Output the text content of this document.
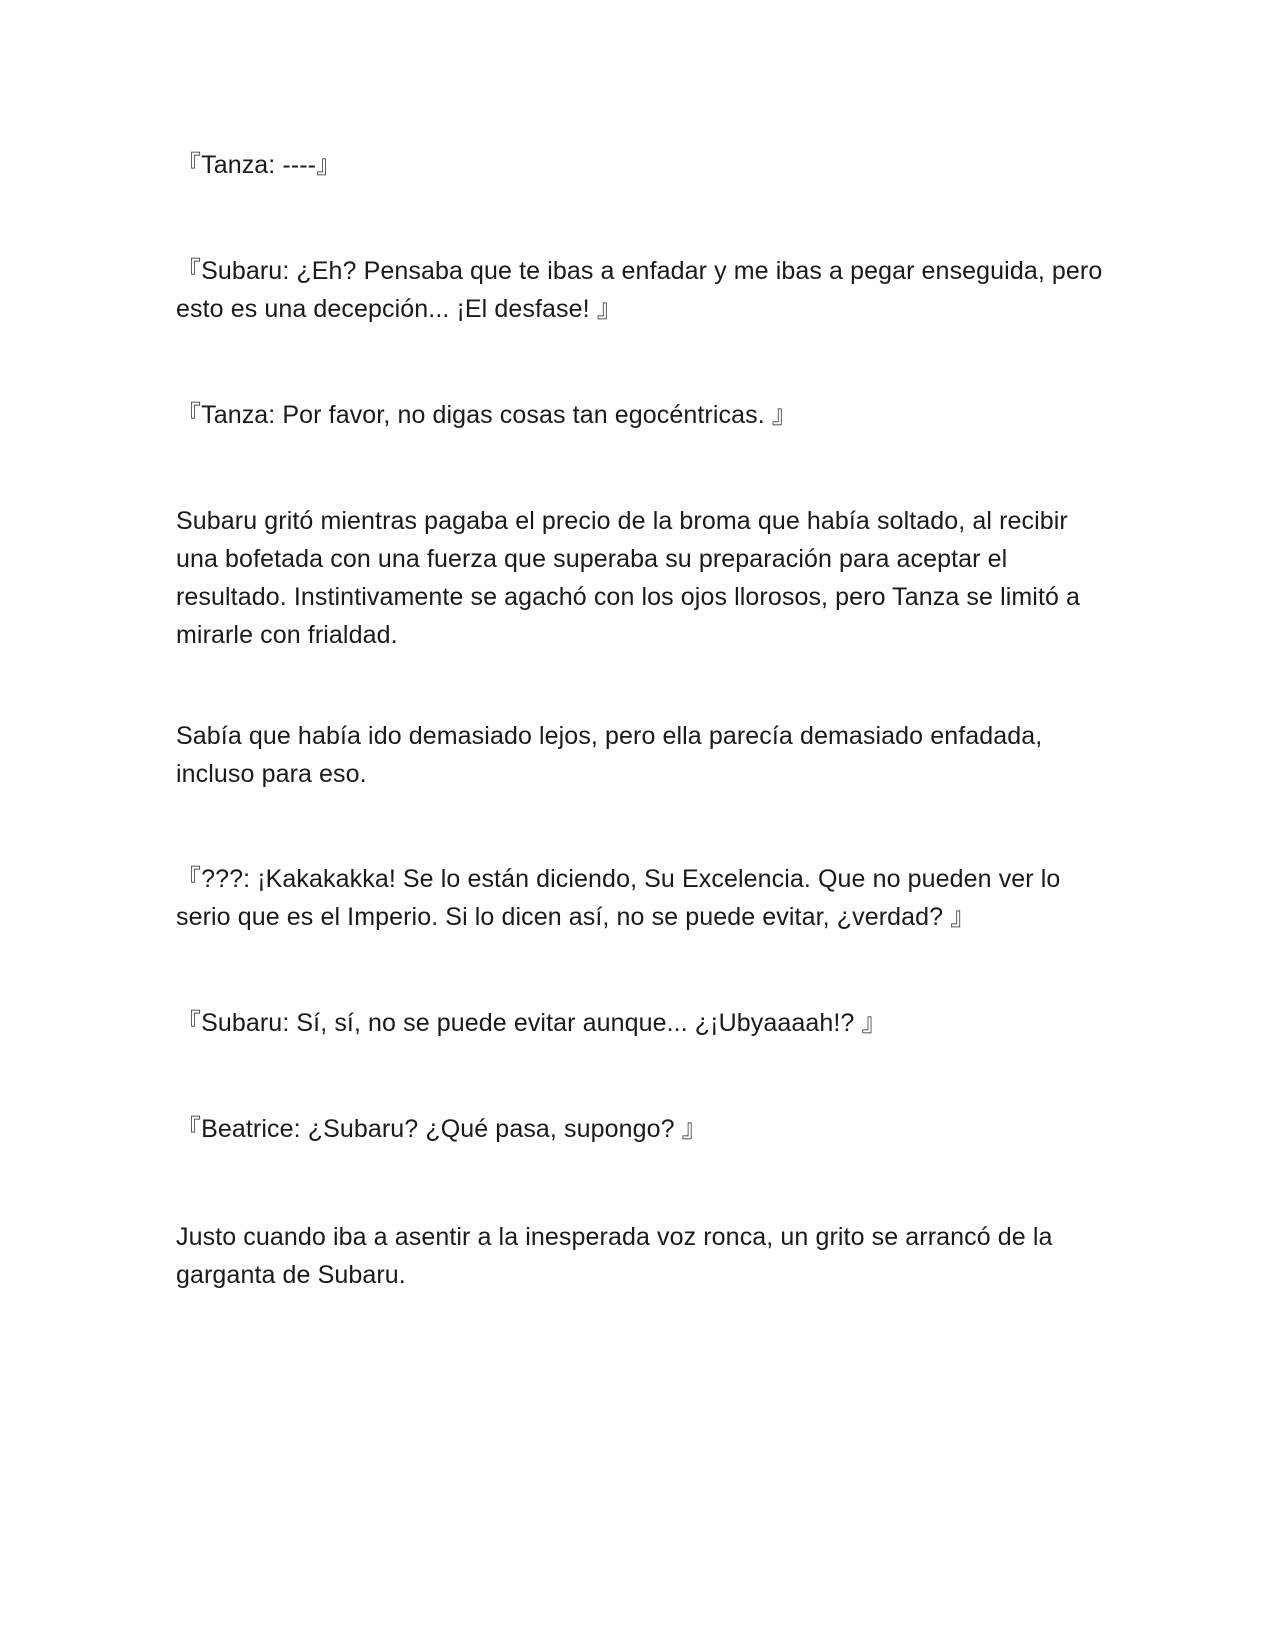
『Tanza: ----』

『Subaru: ¿Eh? Pensaba que te ibas a enfadar y me ibas a pegar enseguida, pero esto es una decepción... ¡El desfase! 』

『Tanza: Por favor, no digas cosas tan egocéntricas. 』

Subaru gritó mientras pagaba el precio de la broma que había soltado, al recibir una bofetada con una fuerza que superaba su preparación para aceptar el resultado. Instintivamente se agachó con los ojos llorosos, pero Tanza se limitó a mirarle con frialdad.

Sabía que había ido demasiado lejos, pero ella parecía demasiado enfadada, incluso para eso.

『???: ¡Kakakakka! Se lo están diciendo, Su Excelencia. Que no pueden ver lo serio que es el Imperio. Si lo dicen así, no se puede evitar, ¿verdad? 』

『Subaru: Sí, sí, no se puede evitar aunque... ¿¡Ubyaaaah!? 』

『Beatrice: ¿Subaru? ¿Qué pasa, supongo? 』

Justo cuando iba a asentir a la inesperada voz ronca, un grito se arrancó de la garganta de Subaru.
